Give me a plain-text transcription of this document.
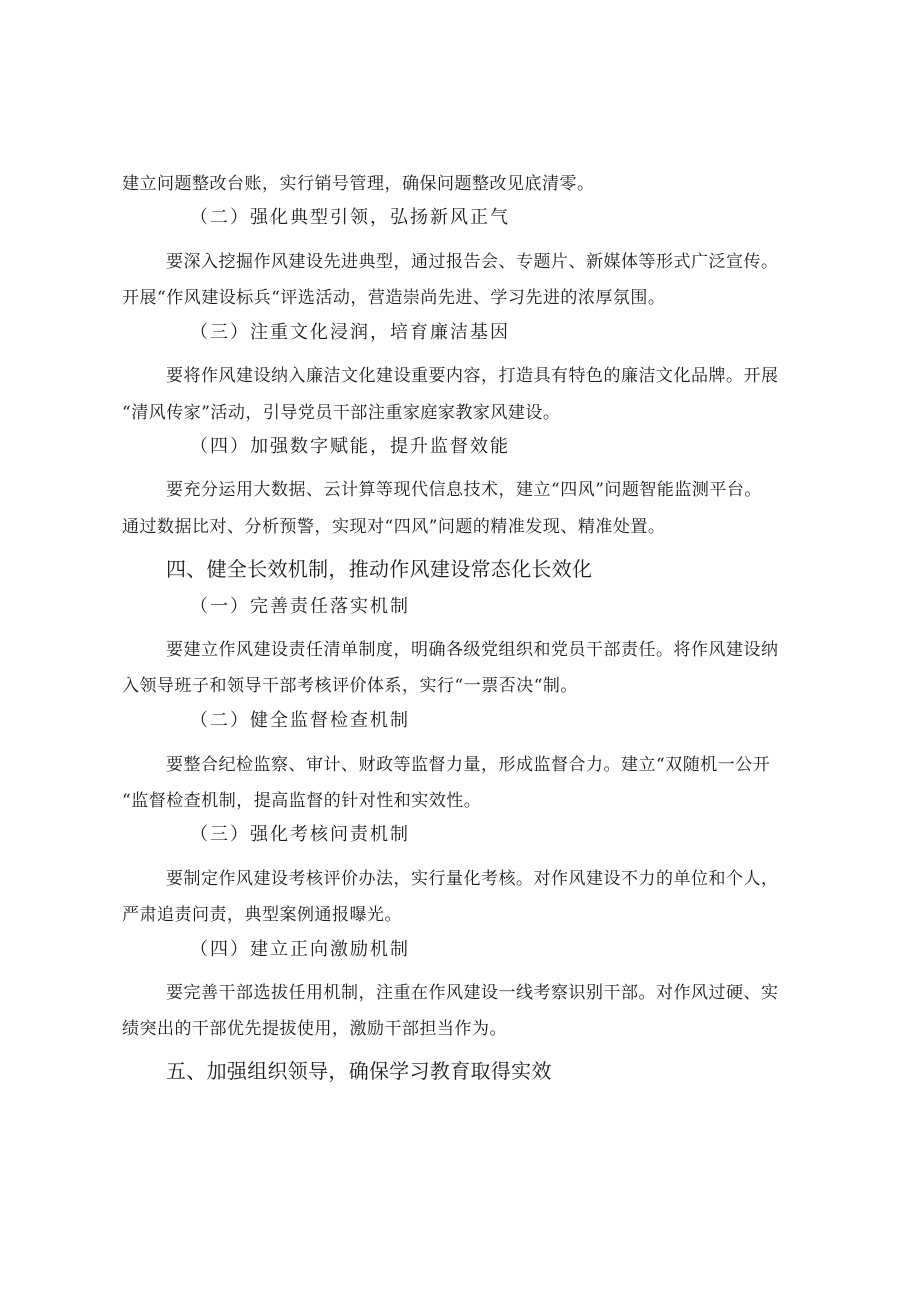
建立问题整改台账，实行销号管理，确保问题整改见底清零。

（二）强化典型引领，弘扬新风正气

要深入挖掘作风建设先进典型，通过报告会、专题片、新媒体等形式广泛宣传。

开展“作风建设标兵“评选活动，营造崇尚先进、学习先进的浓厚氛围。

（三）注重文化浸润，培育廉洁基因

要将作风建设纳入廉洁文化建设重要内容，打造具有特色的廉洁文化品牌。开展

“清风传家”活动，引导党员干部注重家庭家教家风建设。

（四）加强数字赋能，提升监督效能

要充分运用大数据、云计算等现代信息技术，建立“四风”问题智能监测平台。

通过数据比对、分析预警，实现对“四风”问题的精准发现、精准处置。

四、健全长效机制，推动作风建设常态化长效化

（一）完善责任落实机制

要建立作风建设责任清单制度，明确各级党组织和党员干部责任。将作风建设纳

入领导班子和领导干部考核评价体系，实行“一票否决“制。

（二）健全监督检查机制

要整合纪检监察、审计、财政等监督力量，形成监督合力。建立“双随机一公开

“监督检查机制，提高监督的针对性和实效性。

（三）强化考核问责机制

要制定作风建设考核评价办法，实行量化考核。对作风建设不力的单位和个人，

严肃追责问责，典型案例通报曝光。

（四）建立正向激励机制

要完善干部选拔任用机制，注重在作风建设一线考察识别干部。对作风过硬、实

绩突出的干部优先提拔使用，激励干部担当作为。

五、加强组织领导，确保学习教育取得实效
